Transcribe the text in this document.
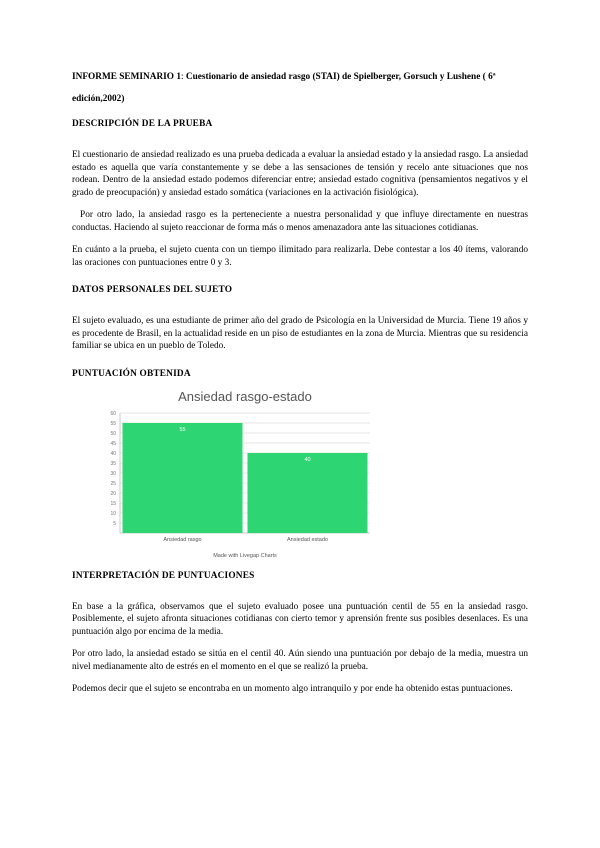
INFORME SEMINARIO 1: Cuestionario de ansiedad rasgo (STAI) de Spielberger, Gorsuch y Lushene ( 6ª edición,2002)
DESCRIPCIÓN DE LA PRUEBA

El cuestionario de ansiedad realizado es una prueba dedicada a evaluar la ansiedad estado y la ansiedad rasgo. La ansiedad estado es aquella que varía constantemente y se debe a las sensaciones de tensión y recelo ante situaciones que nos rodean. Dentro de la ansiedad estado podemos diferenciar entre; ansiedad estado cognitiva (pensamientos negativos y el grado de preocupación) y ansiedad estado somática (variaciones en la activación fisiológica).

Por otro lado, la ansiedad rasgo es la perteneciente a nuestra personalidad y que influye directamente en nuestras conductas. Haciendo al sujeto reaccionar de forma más o menos amenazadora ante las situaciones cotidianas.

En cuánto a la prueba, el sujeto cuenta con un tiempo ilimitado para realizarla. Debe contestar a los 40 ítems, valorando las oraciones con puntuaciones entre 0 y 3.

DATOS PERSONALES DEL SUJETO

El sujeto evaluado, es una estudiante de primer año del grado de Psicología en la Universidad de Murcia. Tiene 19 años y es procedente de Brasil, en la actualidad reside en un piso de estudiantes en la zona de Murcia. Mientras que su residencia familiar se ubica en un pueblo de Toledo.

PUNTUACIÓN OBTENIDA
Ansiedad rasgo-estado
5
10
15
20
25
30
35
40
45
50
55
60
55
Ansiedad rasgo
40
Ansiedad estado
Made with Livegap Charts
INTERPRETACIÓN DE PUNTUACIONES

En base a la gráfica, observamos que el sujeto evaluado posee una puntuación centil de 55 en la ansiedad rasgo. Posiblemente, el sujeto afronta situaciones cotidianas con cierto temor y aprensión frente sus posibles desenlaces. Es una puntuación algo por encima de la media.

Por otro lado, la ansiedad estado se sitúa en el centil 40. Aún siendo una puntuación por debajo de la media, muestra un nivel medianamente alto de estrés en el momento en el que se realizó la prueba.

Podemos decir que el sujeto se encontraba en un momento algo intranquilo y por ende ha obtenido estas puntuaciones.
